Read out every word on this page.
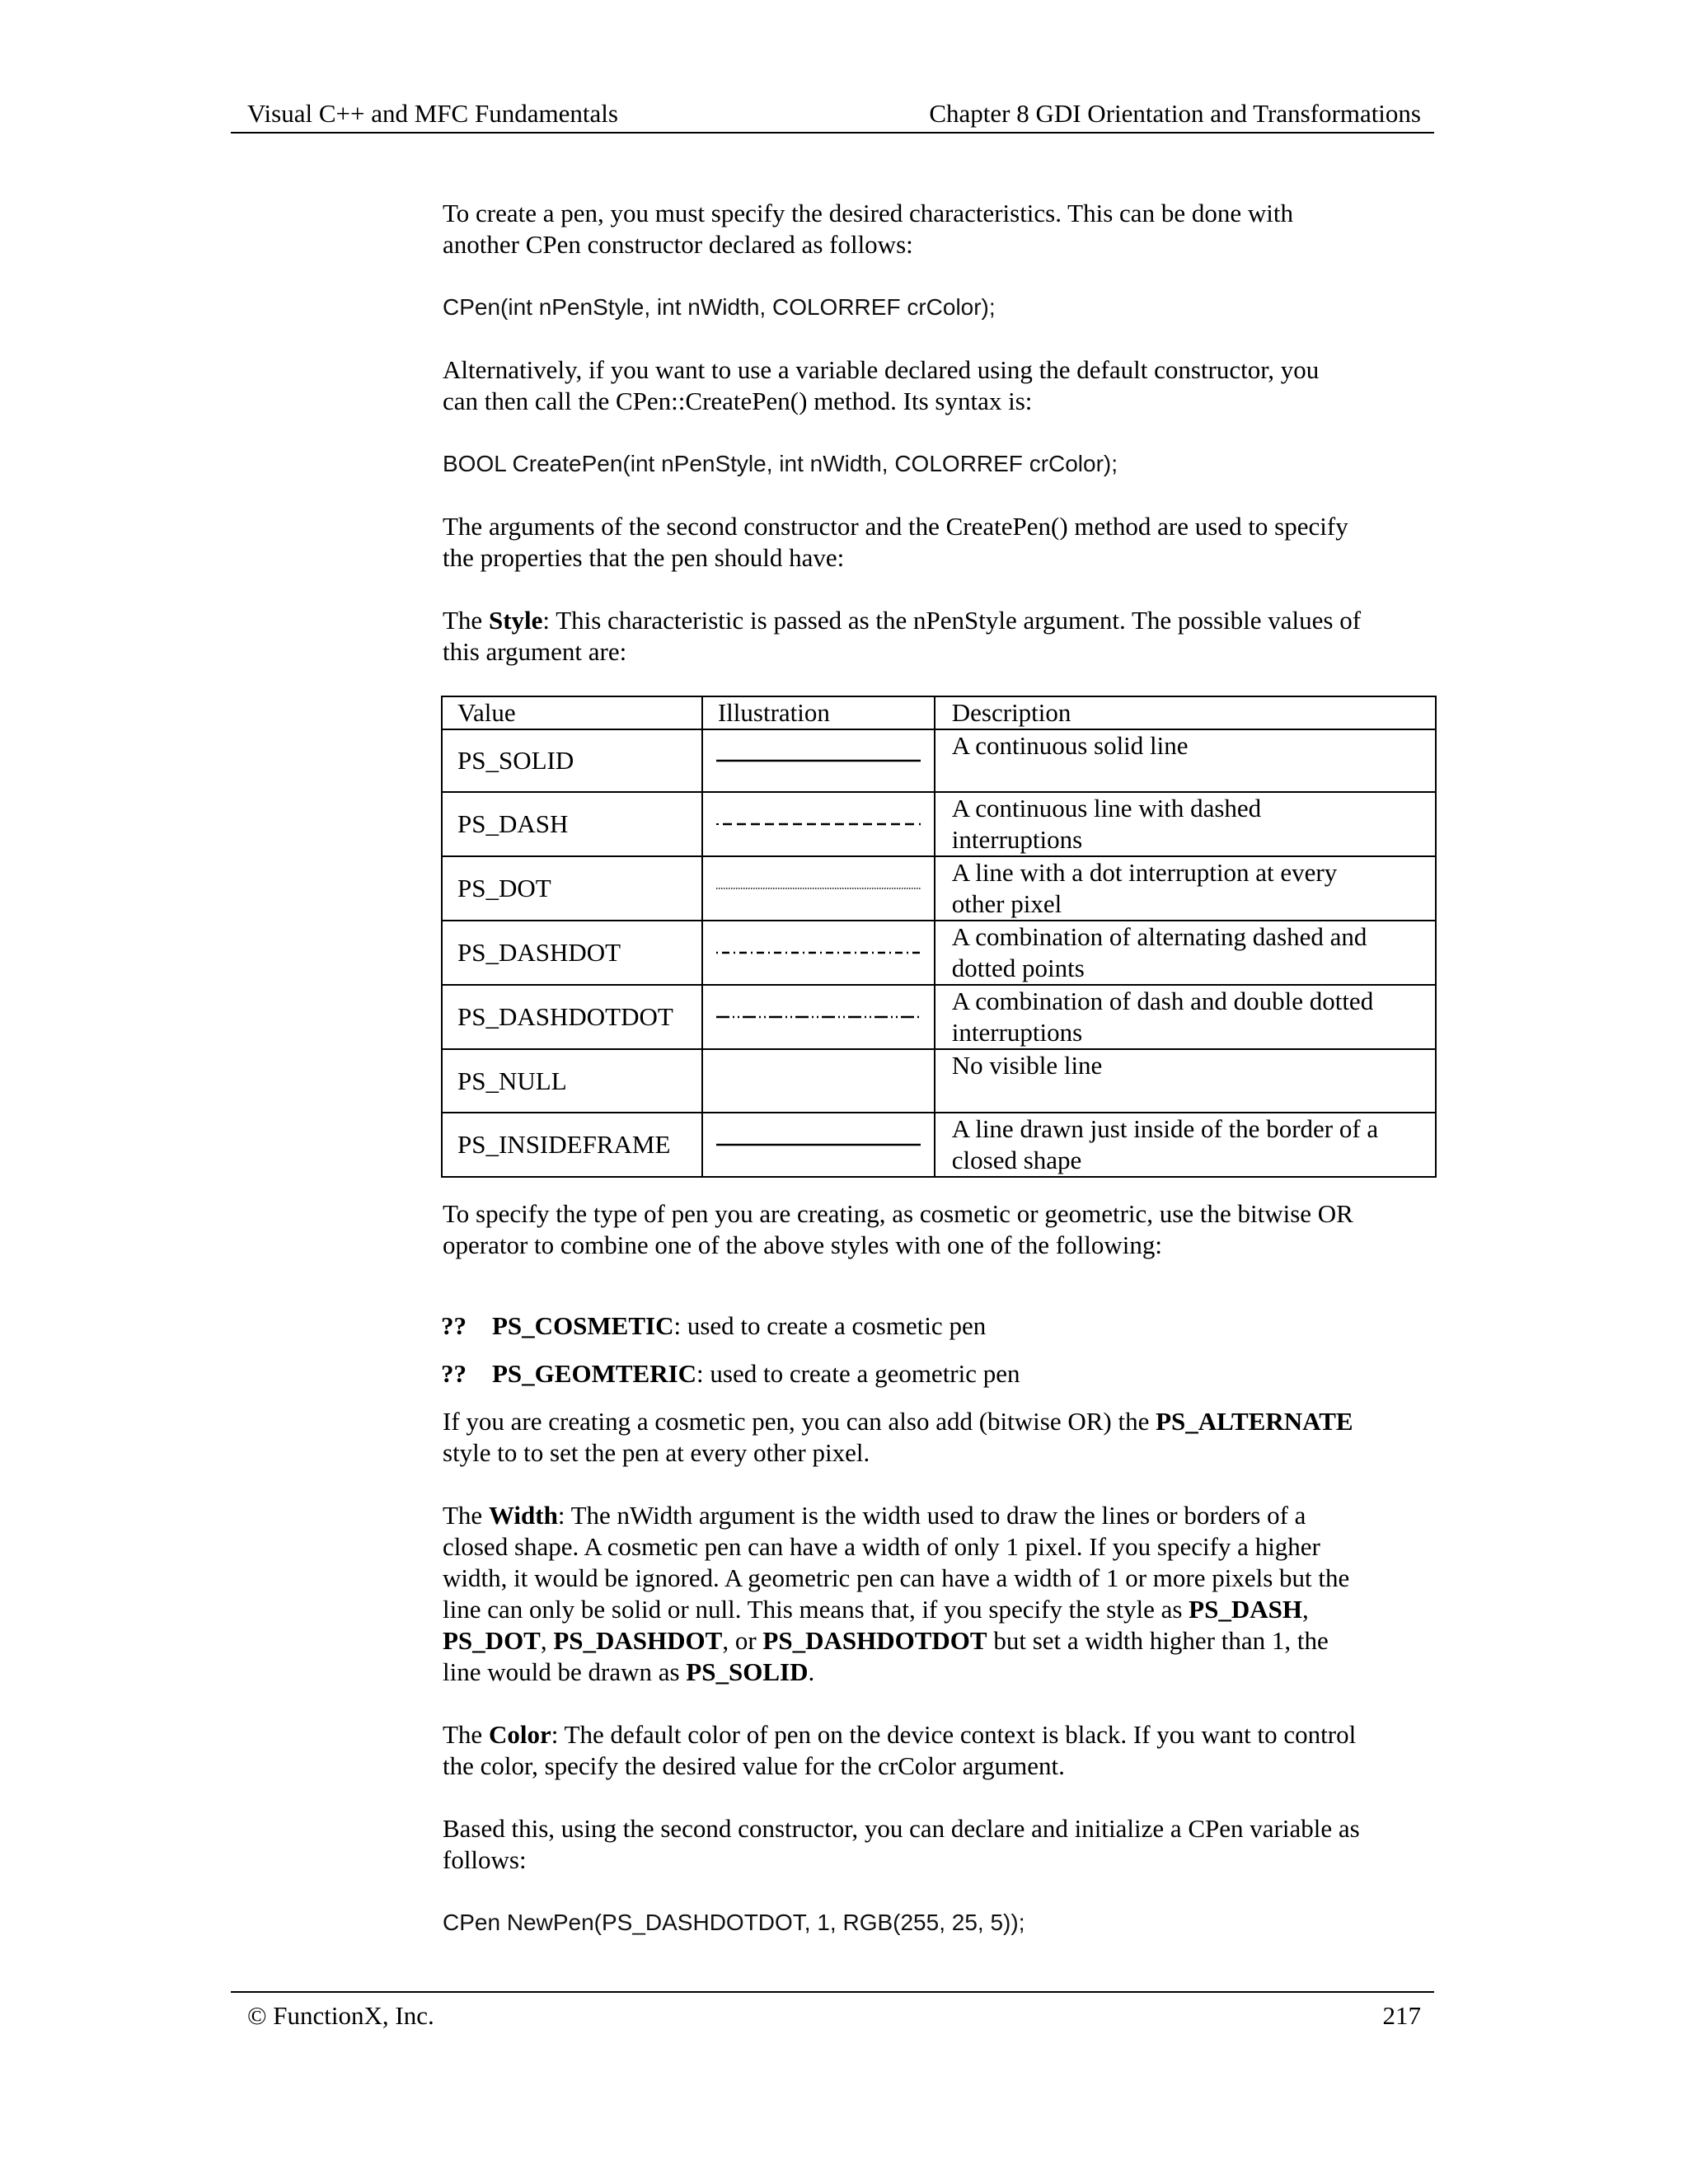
Visual C++ and MFC Fundamentals	Chapter 8 GDI Orientation and Transformations

To create a pen, you must specify the desired characteristics. This can be done with

another CPen constructor declared as follows:

CPen(int nPenStyle, int nWidth, COLORREF crColor);

Alternatively, if you want to use a variable declared using the default constructor, you

can then call the CPen::CreatePen() method. Its syntax is:

BOOL CreatePen(int nPenStyle, int nWidth, COLORREF crColor);

The arguments of the second constructor and the CreatePen() method are used to specify

the properties that the pen should have:

The Style: This characteristic is passed as the nPenStyle argument. The possible values of

this argument are:

Value	Illustration	Description
PS_SOLID		A continuous solid line

PS_DASH		A continuous line with dashed
interruptions
PS_DOT		A line with a dot interruption at every
other pixel
PS_DASHDOT		A combination of alternating dashed and
dotted points
PS_DASHDOTDOT		A combination of dash and double dotted
interruptions
PS_NULL		No visible line

PS_INSIDEFRAME		A line drawn just inside of the border of a
closed shape

To specify the type of pen you are creating, as cosmetic or geometric, use the bitwise OR

operator to combine one of the above styles with one of the following:

?? PS_COSMETIC: used to create a cosmetic pen
?? PS_GEOMTERIC: used to create a geometric pen

If you are creating a cosmetic pen, you can also add (bitwise OR) the PS_ALTERNATE

style to to set the pen at every other pixel.

The Width: The nWidth argument is the width used to draw the lines or borders of a

closed shape. A cosmetic pen can have a width of only 1 pixel. If you specify a higher

width, it would be ignored. A geometric pen can have a width of 1 or more pixels but the

line can only be solid or null. This means that, if you specify the style as PS_DASH,

PS_DOT, PS_DASHDOT, or PS_DASHDOTDOT but set a width higher than 1, the

line would be drawn as PS_SOLID.

The Color: The default color of pen on the device context is black. If you want to control

the color, specify the desired value for the crColor argument.

Based this, using the second constructor, you can declare and initialize a CPen variable as

follows:

CPen NewPen(PS_DASHDOTDOT, 1, RGB(255, 25, 5));

© FunctionX, Inc.	217
